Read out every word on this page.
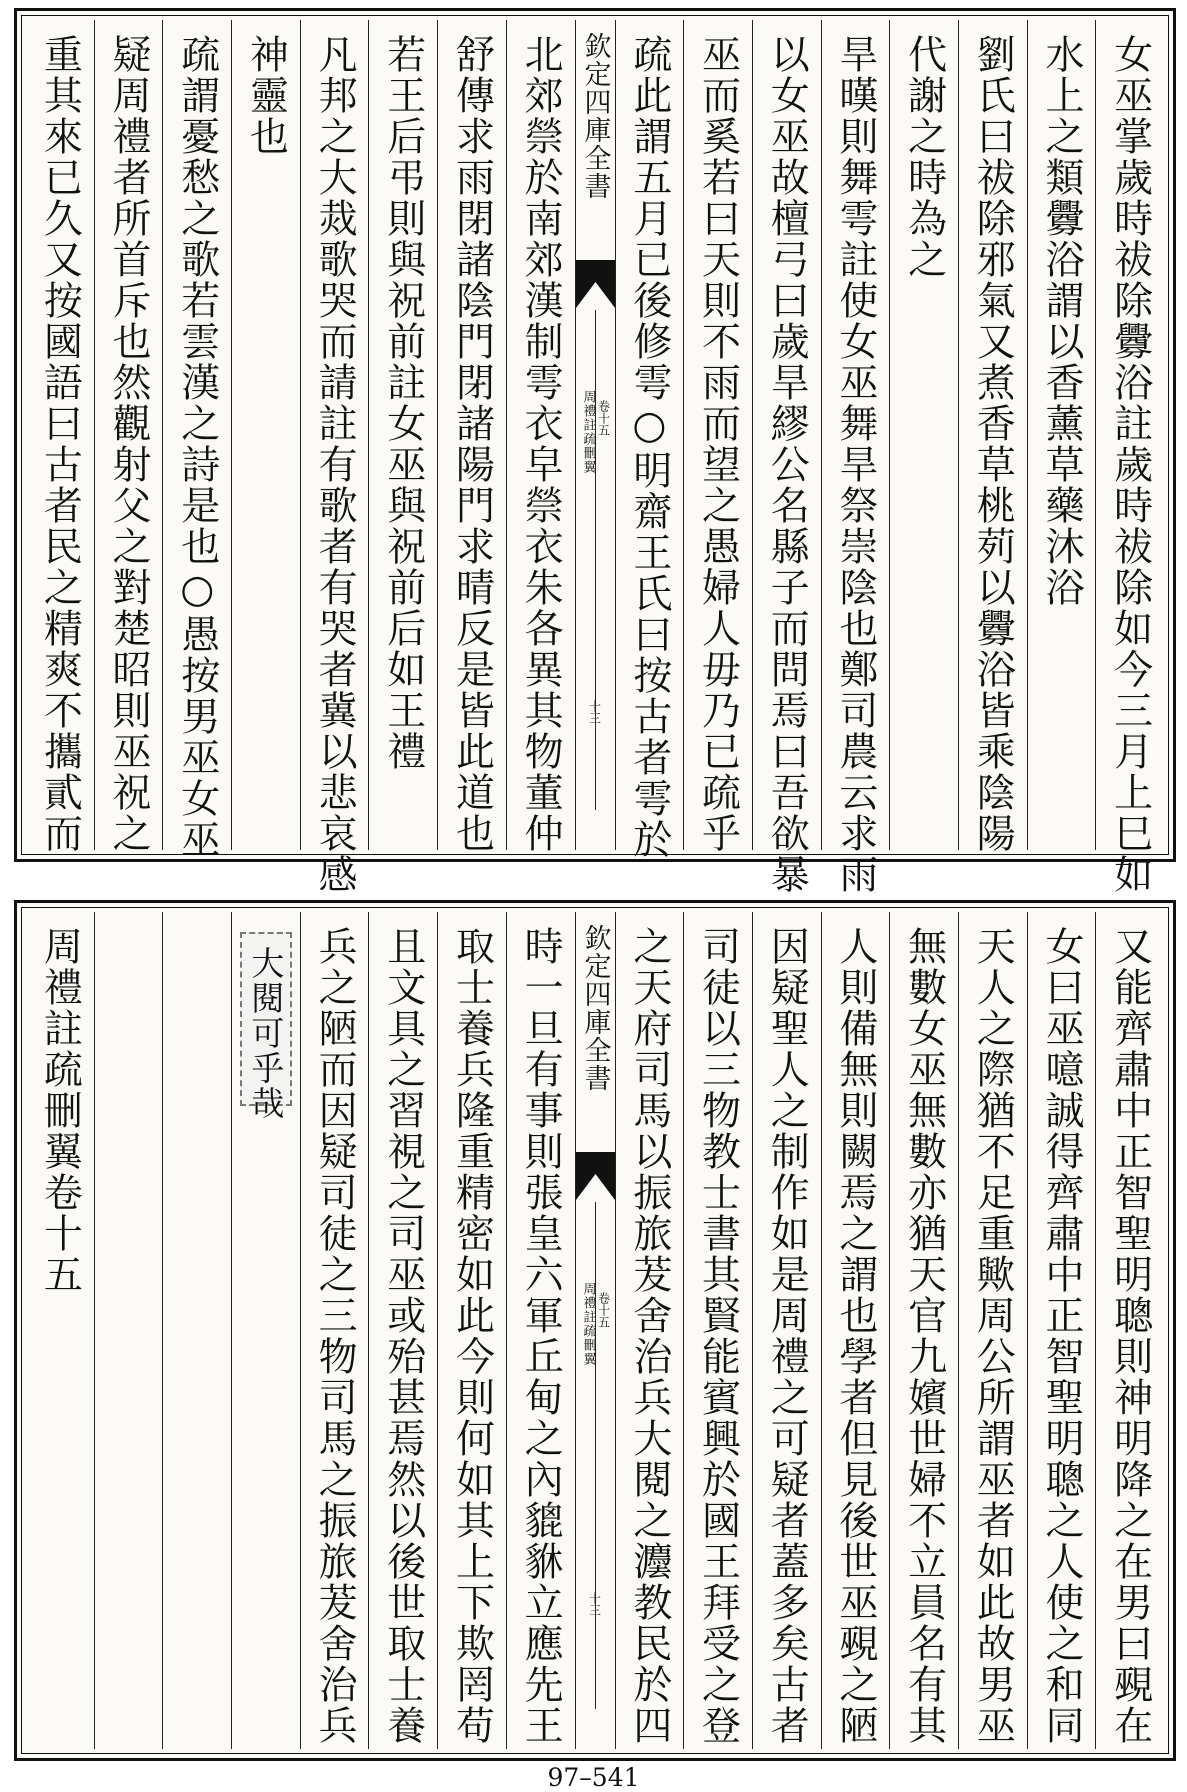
女巫掌歲時祓除釁浴註歲時祓除如今三月上巳如
水上之類釁浴謂以香薰草藥沐浴
劉氏曰祓除邪氣又煮香草桃茢以釁浴皆乘陰陽
代謝之時為之
旱暵則舞雩註使女巫舞旱祭崇陰也鄭司農云求雨
以女巫故檀弓曰歲旱繆公名縣子而問焉曰吾欲暴
巫而奚若曰天則不雨而望之愚婦人毋乃已疏乎
疏此謂五月已後修雩○明齋王氏曰按古者雩於
欽定四庫全書
周禮註疏刪翼 卷十五
十三
北郊禜於南郊漢制雩衣皁禜衣朱各異其物董仲
舒傳求雨閉諸陰門閉諸陽門求晴反是皆此道也
若王后弔則與祝前註女巫與祝前后如王禮
凡邦之大烖歌哭而請註有歌者有哭者冀以悲哀感
神靈也
疏謂憂愁之歌若雲漢之詩是也○愚按男巫女巫
疑周禮者所首斥也然觀射父之對楚昭則巫祝之
重其來已久又按國語曰古者民之精爽不攜貳而
又能齊肅中正智聖明聰則神明降之在男曰覡在
女曰巫噫誠得齊肅中正智聖明聰之人使之和同
天人之際猶不足重歟周公所謂巫者如此故男巫
無數女巫無數亦猶天官九嬪世婦不立員名有其
人則備無則闕焉之謂也學者但見後世巫覡之陋
因疑聖人之制作如是周禮之可疑者蓋多矣古者
司徒以三物教士書其賢能賓興於國王拜受之登
之天府司馬以振旅茇舍治兵大閱之灋教民於四
欽定四庫全書
周禮註疏刪翼 卷十五
十三
時一旦有事則張皇六軍丘甸之內貔貅立應先王
取士養兵隆重精密如此今則何如其上下欺罔苟
且文具之習視之司巫或殆甚焉然以後世取士養
兵之陋而因疑司徒之三物司馬之振旅茇舍治兵
大閱可乎哉
周禮註疏刪翼卷十五
97–541
